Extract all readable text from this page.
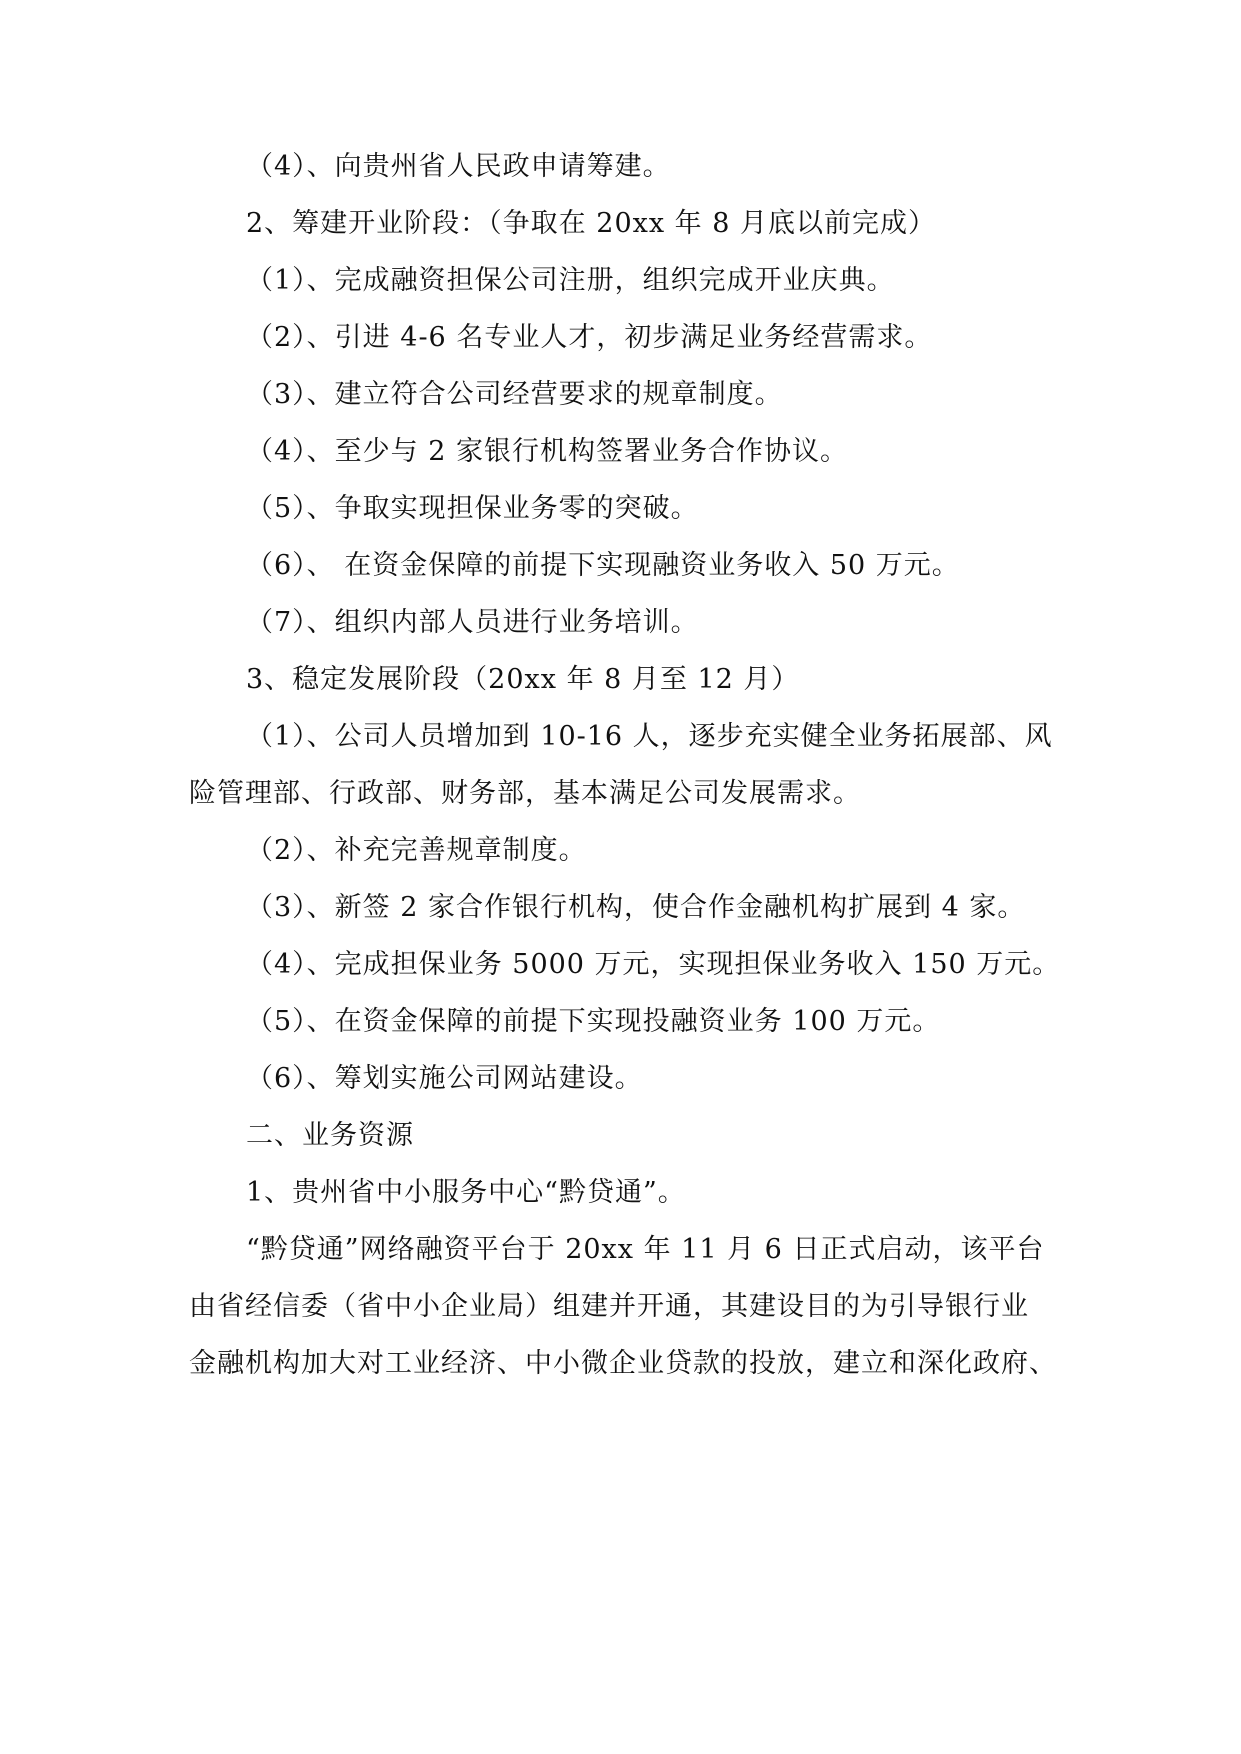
（4）、向贵州省人民政申请筹建。
2、筹建开业阶段：（争取在 20xx 年 8 月底以前完成）
（1）、完成融资担保公司注册，组织完成开业庆典。
（2）、引进 4-6 名专业人才，初步满足业务经营需求。
（3）、建立符合公司经营要求的规章制度。
（4）、至少与 2 家银行机构签署业务合作协议。
（5）、争取实现担保业务零的突破。
（6）、 在资金保障的前提下实现融资业务收入 50 万元。
（7）、组织内部人员进行业务培训。
3、稳定发展阶段（20xx 年 8 月至 12 月）
（1）、公司人员增加到 10-16 人，逐步充实健全业务拓展部、风
险管理部、行政部、财务部，基本满足公司发展需求。
（2）、补充完善规章制度。
（3）、新签 2 家合作银行机构，使合作金融机构扩展到 4 家。
（4）、完成担保业务 5000 万元，实现担保业务收入 150 万元。
（5）、在资金保障的前提下实现投融资业务 100 万元。
（6）、筹划实施公司网站建设。
二、业务资源
1、贵州省中小服务中心“黔贷通”。
“黔贷通”网络融资平台于 20xx 年 11 月 6 日正式启动，该平台
由省经信委（省中小企业局）组建并开通，其建设目的为引导银行业
金融机构加大对工业经济、中小微企业贷款的投放，建立和深化政府、
